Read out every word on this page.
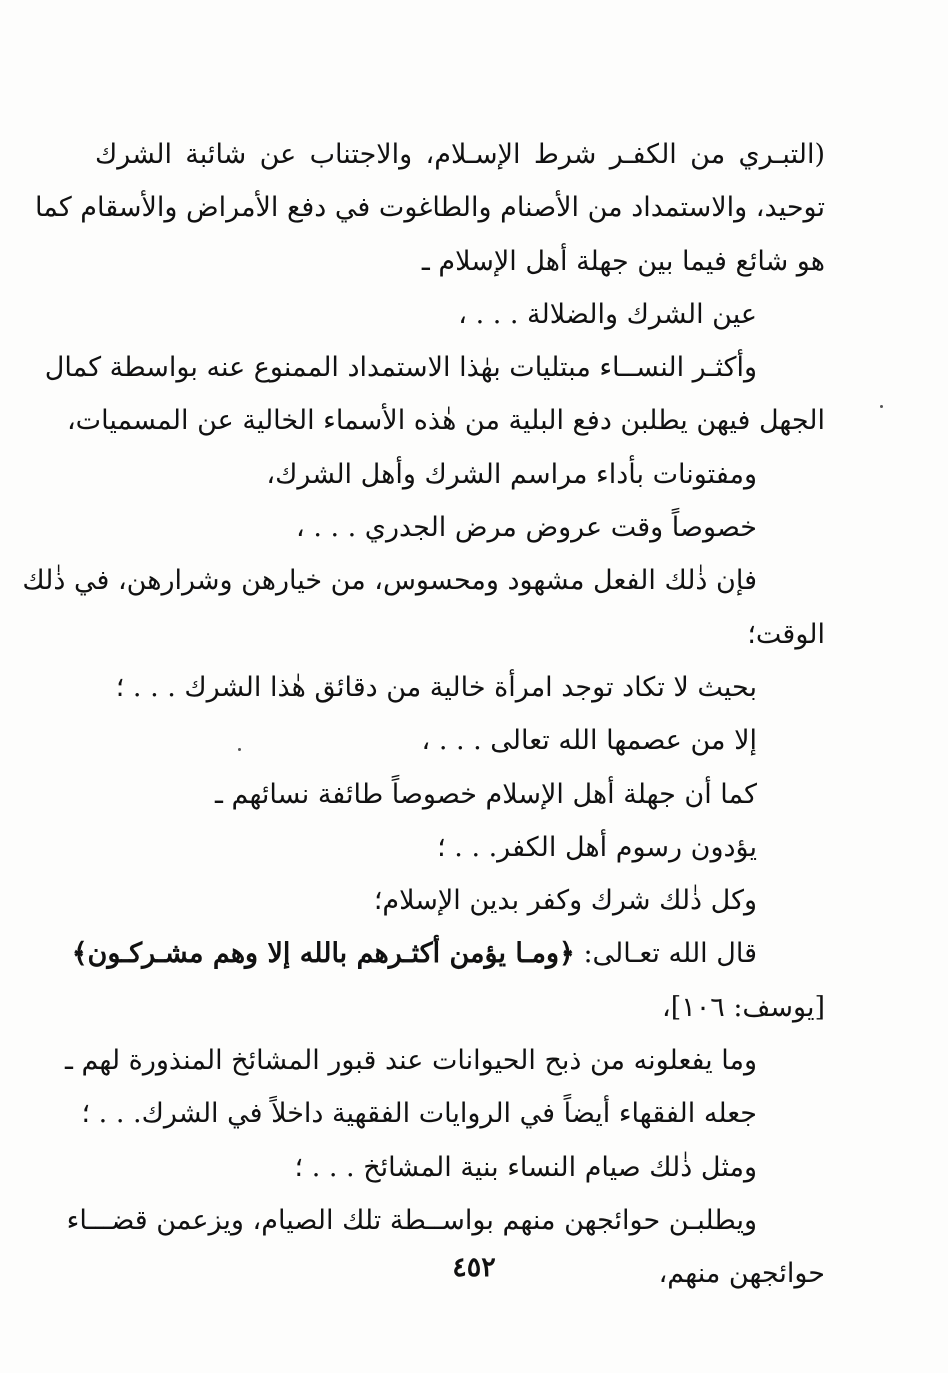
(التبـري من الكفـر شرط الإسـلام، والاجتناب عن شائبة الشرك
توحيد، والاستمداد من الأصنام والطاغوت في دفع الأمراض والأسقام كما
هو شائع فيما بين جهلة أهل الإسلام ـ
عين الشرك والضلالة . . . ،
وأكثـر النســاء مبتليات بهٰذا الاستمداد الممنوع عنه بواسطة كمال
الجهل فيهن يطلبن دفع البلية من هٰذه الأسماء الخالية عن المسميات،
ومفتونات بأداء مراسم الشرك وأهل الشرك،
خصوصاً وقت عروض مرض الجدري . . . ،
فإن ذٰلك الفعل مشهود ومحسوس، من خيارهن وشرارهن، في ذٰلك
الوقت؛
بحيث لا تكاد توجد امرأة خالية من دقائق هٰذا الشرك . . . ؛
إلا من عصمها الله تعالى . . . ،
كما أن جهلة أهل الإسلام خصوصاً طائفة نسائهم ـ
يؤدون رسوم أهل الكفر. . . ؛
وكل ذٰلك شرك وكفر بدين الإسلام؛
قال الله تعـالى: ﴿ومـا يؤمن أكثـرهم بالله إلا وهم مشـركـون﴾
[يوسف: ١٠٦]،
وما يفعلونه من ذبح الحيوانات عند قبور المشائخ المنذورة لهم ـ
جعله الفقهاء أيضاً في الروايات الفقهية داخلاً في الشرك. . . ؛
ومثل ذٰلك صيام النساء بنية المشائخ . . . ؛
ويطلبـن حوائجهن منهم بواســطة تلك الصيام، ويزعمن قضـــاء
حوائجهن منهم،
٤٥٢
